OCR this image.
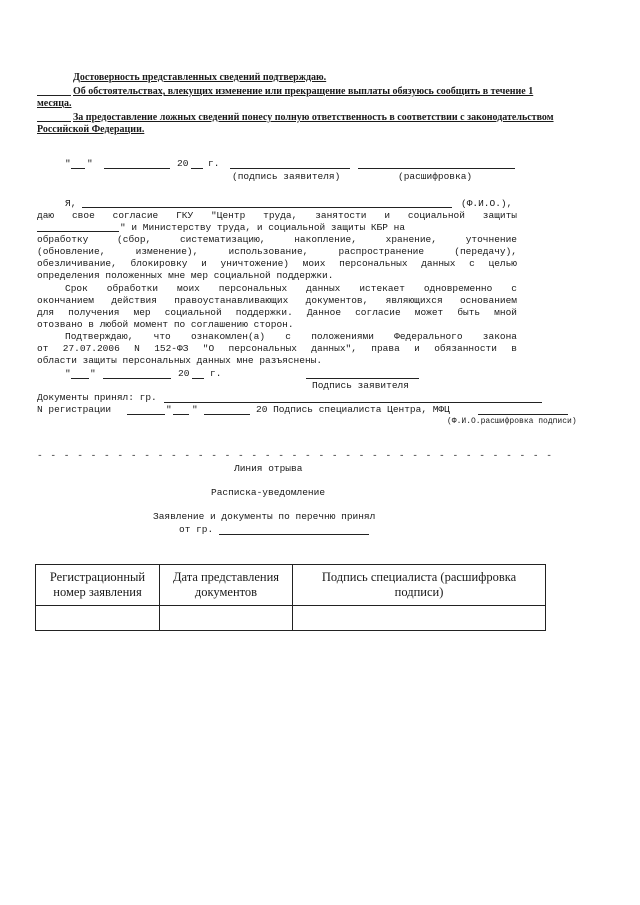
Достоверность представленных сведений подтверждаю.
Об обстоятельствах, влекущих изменение или прекращение выплаты обязуюсь сообщить в течение 1
месяца.
За предоставление ложных сведений понесу полную ответственность в соответствии с законодательством
Российской Федерации.
" "	20 г.
(подпись заявителя)	(расшифровка)
Я,	(Ф.И.О.),
даю свое согласие ГКУ "Центр труда, занятости и социальной защиты
" и Министерству труда, и социальной защиты КБР на
обработку (сбор, систематизацию, накопление, хранение, уточнение
(обновление, изменение), использование, распространение (передачу),
обезличивание, блокировку и уничтожение) моих персональных данных с целью
определения положенных мне мер социальной поддержки.
Срок обработки моих персональных данных истекает одновременно с
окончанием действия правоустанавливающих документов, являющихся основанием
для получения мер социальной поддержки. Данное согласие может быть мной
отозвано в любой момент по соглашению сторон.
Подтверждаю, что ознакомлен(а) с положениями Федерального закона
от 27.07.2006 N 152-ФЗ "О персональных данных", права и обязанности в
области защиты персональных данных мне разъяснены.
" "	20 г.
Подпись заявителя
Документы принял: гр.
N регистрации	" "	20 Подпись специалиста Центра, МФЦ
(Ф.И.О.расшифровка подписи)
- - - - - - - - - - - - - - - - - - - - - - - - - - - - - - - - - - - - - - -
Линия отрыва
Расписка-уведомление
Заявление и документы по перечню принял
от гр.
Регистрационный номер заявления	Дата представления документов	Подпись специалиста (расшифровка подписи)
